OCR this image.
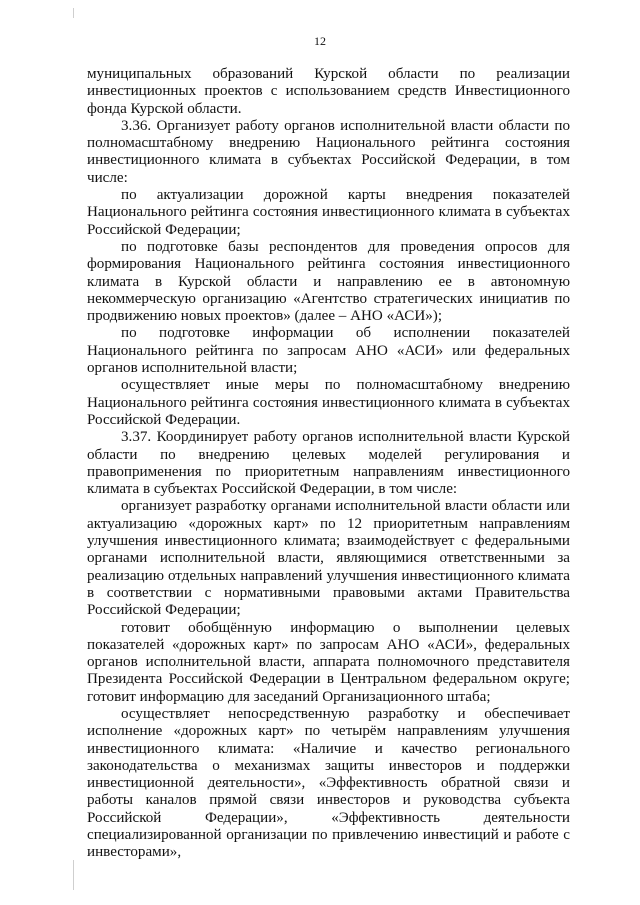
12

муниципальных образований Курской области по реализации инвестиционных проектов с использованием средств Инвестиционного фонда Курской области.

3.36. Организует работу органов исполнительной власти области по полномасштабному внедрению Национального рейтинга состояния инвестиционного климата в субъектах Российской Федерации, в том числе:

по актуализации дорожной карты внедрения показателей Национального рейтинга состояния инвестиционного климата в субъектах Российской Федерации;

по подготовке базы респондентов для проведения опросов для формирования Национального рейтинга состояния инвестиционного климата в Курской области и направлению ее в автономную некоммерческую организацию «Агентство стратегических инициатив по продвижению новых проектов» (далее – АНО «АСИ»);

по подготовке информации об исполнении показателей Национального рейтинга по запросам АНО «АСИ» или федеральных органов исполнительной власти;

осуществляет иные меры по полномасштабному внедрению Национального рейтинга состояния инвестиционного климата в субъектах Российской Федерации.

3.37. Координирует работу органов исполнительной власти Курской области по внедрению целевых моделей регулирования и правоприменения по приоритетным направлениям инвестиционного климата в субъектах Российской Федерации, в том числе:

организует разработку органами исполнительной власти области или актуализацию «дорожных карт» по 12 приоритетным направлениям улучшения инвестиционного климата; взаимодействует с федеральными органами исполнительной власти, являющимися ответственными за реализацию отдельных направлений улучшения инвестиционного климата в соответствии с нормативными правовыми актами Правительства Российской Федерации;

готовит обобщённую информацию о выполнении целевых показателей «дорожных карт» по запросам АНО «АСИ», федеральных органов исполнительной власти, аппарата полномочного представителя Президента Российской Федерации в Центральном федеральном округе; готовит информацию для заседаний Организационного штаба;

осуществляет непосредственную разработку и обеспечивает исполнение «дорожных карт» по четырём направлениям улучшения инвестиционного климата: «Наличие и качество регионального законодательства о механизмах защиты инвесторов и поддержки инвестиционной деятельности», «Эффективность обратной связи и работы каналов прямой связи инвесторов и руководства субъекта Российской Федерации», «Эффективность деятельности специализированной организации по привлечению инвестиций и работе с инвесторами»,
